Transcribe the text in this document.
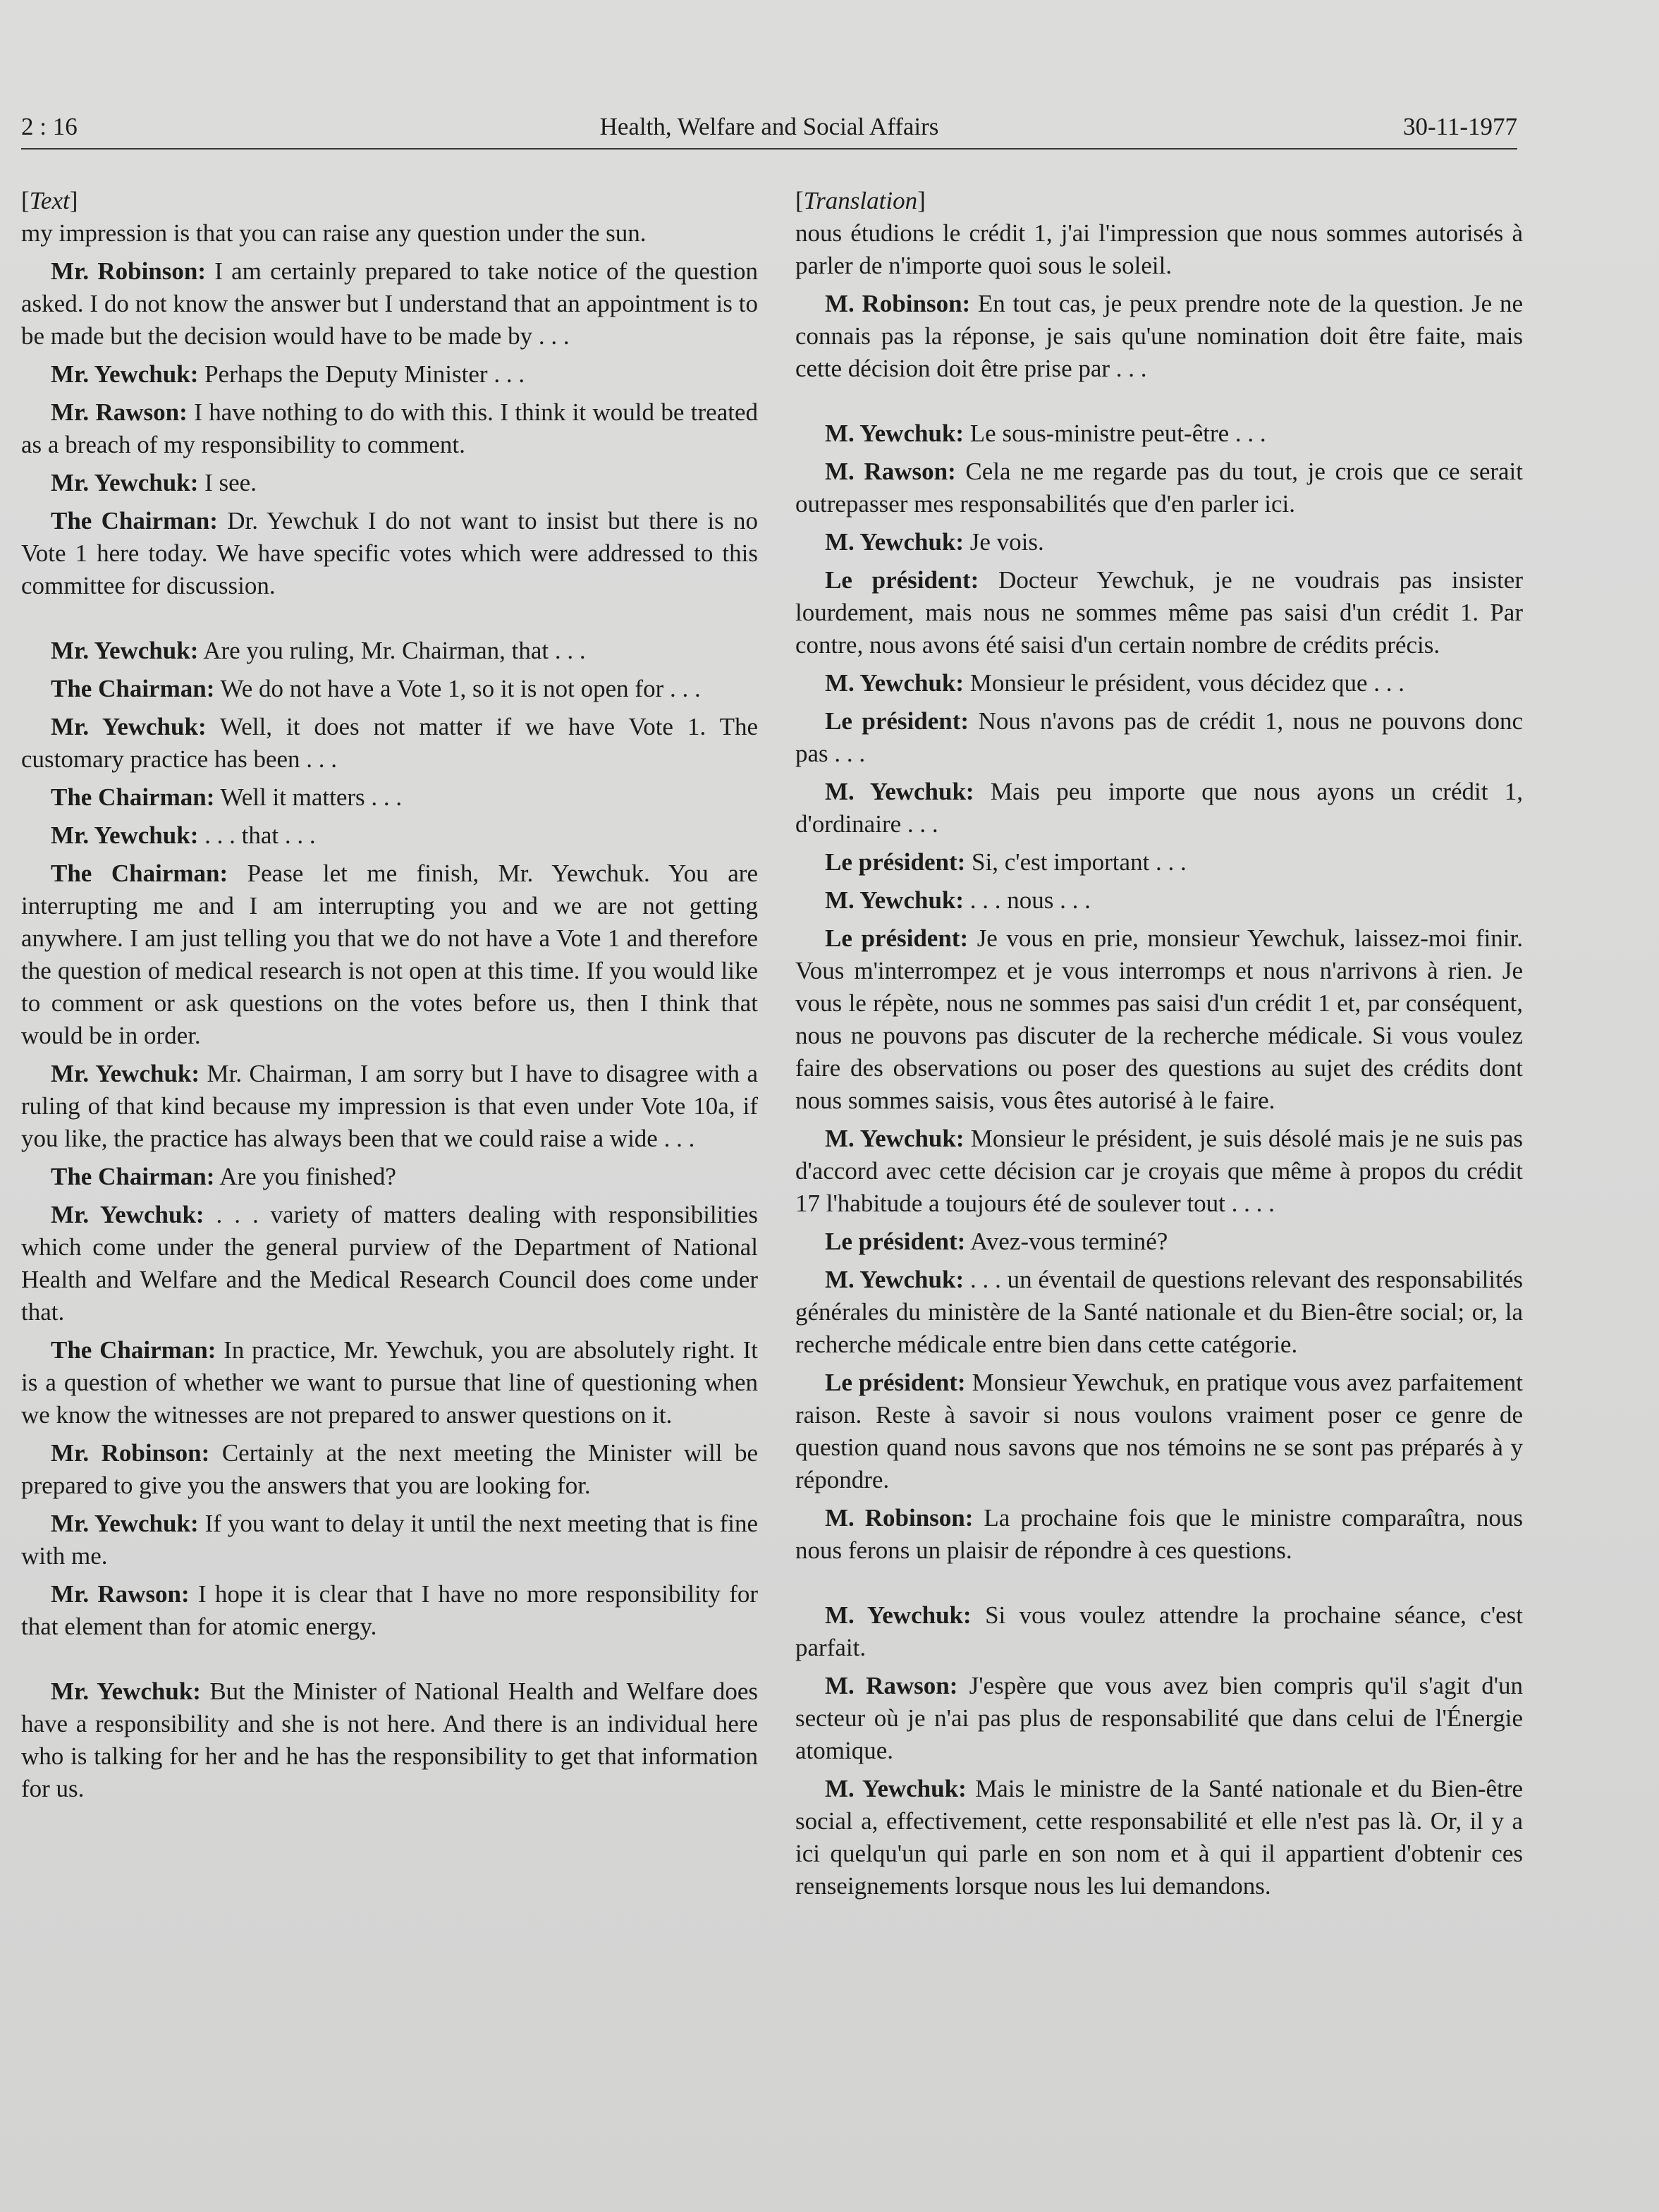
2 : 16	Health, Welfare and Social Affairs	30-11-1977
[Text]

my impression is that you can raise any question under the sun.

Mr. Robinson: I am certainly prepared to take notice of the question asked. I do not know the answer but I understand that an appointment is to be made but the decision would have to be made by . . .

Mr. Yewchuk: Perhaps the Deputy Minister . . .

Mr. Rawson: I have nothing to do with this. I think it would be treated as a breach of my responsibility to comment.

Mr. Yewchuk: I see.

The Chairman: Dr. Yewchuk I do not want to insist but there is no Vote 1 here today. We have specific votes which were addressed to this committee for discussion.

Mr. Yewchuk: Are you ruling, Mr. Chairman, that . . .

The Chairman: We do not have a Vote 1, so it is not open for . . .

Mr. Yewchuk: Well, it does not matter if we have Vote 1. The customary practice has been . . .

The Chairman: Well it matters . . .

Mr. Yewchuk: . . . that . . .

The Chairman: Pease let me finish, Mr. Yewchuk. You are interrupting me and I am interrupting you and we are not getting anywhere. I am just telling you that we do not have a Vote 1 and therefore the question of medical research is not open at this time. If you would like to comment or ask questions on the votes before us, then I think that would be in order.

Mr. Yewchuk: Mr. Chairman, I am sorry but I have to disagree with a ruling of that kind because my impression is that even under Vote 10a, if you like, the practice has always been that we could raise a wide . . .

The Chairman: Are you finished?

Mr. Yewchuk: . . . variety of matters dealing with responsibilities which come under the general purview of the Department of National Health and Welfare and the Medical Research Council does come under that.

The Chairman: In practice, Mr. Yewchuk, you are absolutely right. It is a question of whether we want to pursue that line of questioning when we know the witnesses are not prepared to answer questions on it.

Mr. Robinson: Certainly at the next meeting the Minister will be prepared to give you the answers that you are looking for.

Mr. Yewchuk: If you want to delay it until the next meeting that is fine with me.

Mr. Rawson: I hope it is clear that I have no more responsibility for that element than for atomic energy.

Mr. Yewchuk: But the Minister of National Health and Welfare does have a responsibility and she is not here. And there is an individual here who is talking for her and he has the responsibility to get that information for us.

[Translation]

nous étudions le crédit 1, j'ai l'impression que nous sommes autorisés à parler de n'importe quoi sous le soleil.

M. Robinson: En tout cas, je peux prendre note de la question. Je ne connais pas la réponse, je sais qu'une nomination doit être faite, mais cette décision doit être prise par . . .

M. Yewchuk: Le sous-ministre peut-être . . .

M. Rawson: Cela ne me regarde pas du tout, je crois que ce serait outrepasser mes responsabilités que d'en parler ici.

M. Yewchuk: Je vois.

Le président: Docteur Yewchuk, je ne voudrais pas insister lourdement, mais nous ne sommes même pas saisi d'un crédit 1. Par contre, nous avons été saisi d'un certain nombre de crédits précis.

M. Yewchuk: Monsieur le président, vous décidez que . . .

Le président: Nous n'avons pas de crédit 1, nous ne pouvons donc pas . . .

M. Yewchuk: Mais peu importe que nous ayons un crédit 1, d'ordinaire . . .

Le président: Si, c'est important . . .

M. Yewchuk: . . . nous . . .

Le président: Je vous en prie, monsieur Yewchuk, laissez-moi finir. Vous m'interrompez et je vous interromps et nous n'arrivons à rien. Je vous le répète, nous ne sommes pas saisi d'un crédit 1 et, par conséquent, nous ne pouvons pas discuter de la recherche médicale. Si vous voulez faire des observations ou poser des questions au sujet des crédits dont nous sommes saisis, vous êtes autorisé à le faire.

M. Yewchuk: Monsieur le président, je suis désolé mais je ne suis pas d'accord avec cette décision car je croyais que même à propos du crédit 17 l'habitude a toujours été de soulever tout . . . .

Le président: Avez-vous terminé?

M. Yewchuk: . . . un éventail de questions relevant des responsabilités générales du ministère de la Santé nationale et du Bien-être social; or, la recherche médicale entre bien dans cette catégorie.

Le président: Monsieur Yewchuk, en pratique vous avez parfaitement raison. Reste à savoir si nous voulons vraiment poser ce genre de question quand nous savons que nos témoins ne se sont pas préparés à y répondre.

M. Robinson: La prochaine fois que le ministre comparaîtra, nous nous ferons un plaisir de répondre à ces questions.

M. Yewchuk: Si vous voulez attendre la prochaine séance, c'est parfait.

M. Rawson: J'espère que vous avez bien compris qu'il s'agit d'un secteur où je n'ai pas plus de responsabilité que dans celui de l'Énergie atomique.

M. Yewchuk: Mais le ministre de la Santé nationale et du Bien-être social a, effectivement, cette responsabilité et elle n'est pas là. Or, il y a ici quelqu'un qui parle en son nom et à qui il appartient d'obtenir ces renseignements lorsque nous les lui demandons.
